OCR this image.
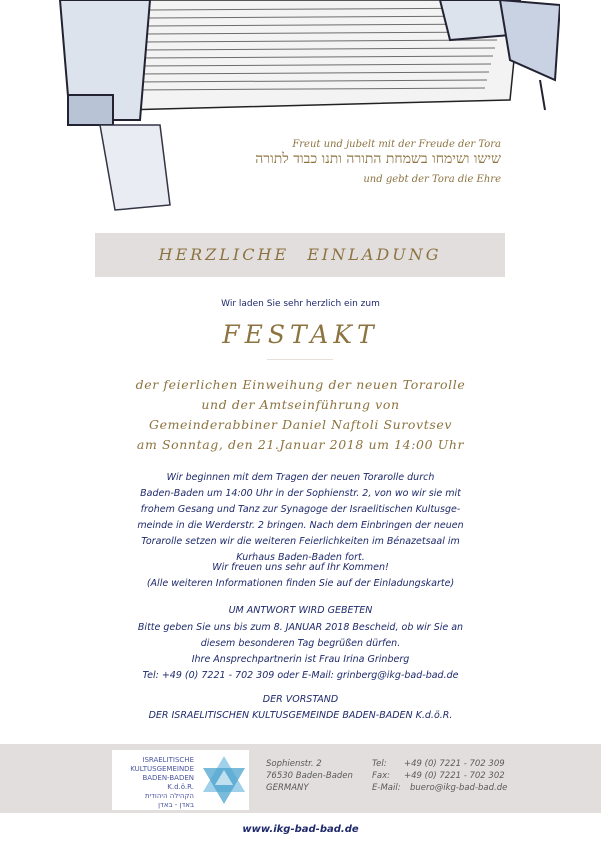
Freut und jubelt mit der Freude der Tora
שישו ושימחו בשמחת התורה ותנו כבוד לתורה
und gebt der Tora die Ehre
HERZLICHE EINLADUNG
Wir laden Sie sehr herzlich ein zum
FESTAKT
der feierlichen Einweihung der neuen Torarolle
und der Amtseinführung von
Gemeinderabbiner Daniel Naftoli Surovtsev
am Sonntag, den 21.Januar 2018 um 14:00 Uhr
Wir beginnen mit dem Tragen der neuen Torarolle durch
Baden-Baden um 14:00 Uhr in der Sophienstr. 2, von wo wir sie mit
frohem Gesang und Tanz zur Synagoge der Israelitischen Kultusge-
meinde in die Werderstr. 2 bringen. Nach dem Einbringen der neuen
Torarolle setzen wir die weiteren Feierlichkeiten im Bénazetsaal im
Kurhaus Baden-Baden fort.
Wir freuen uns sehr auf Ihr Kommen!
(Alle weiteren Informationen finden Sie auf der Einladungskarte)
UM ANTWORT WIRD GEBETEN
Bitte geben Sie uns bis zum 8. JANUAR 2018 Bescheid, ob wir Sie an
diesem besonderen Tag begrüßen dürfen.
Ihre Ansprechpartnerin ist Frau Irina Grinberg
Tel: +49 (0) 7221 - 702 309 oder E-Mail: grinberg@ikg-bad-bad.de
DER VORSTAND
DER ISRAELITISCHEN KULTUSGEMEINDE BADEN-BADEN K.d.ö.R.
ISRAELITISCHE
KULTUSGEMEINDE
BADEN-BADEN K.d.ö.R.
הקהילה היהודית
באדן - באדן
Sophienstr. 2
76530 Baden-Baden
GERMANY
Tel:	+49 (0) 7221 - 702 309
Fax:	+49 (0) 7221 - 702 302
E-Mail:	buero@ikg-bad-bad.de
www.ikg-bad-bad.de
